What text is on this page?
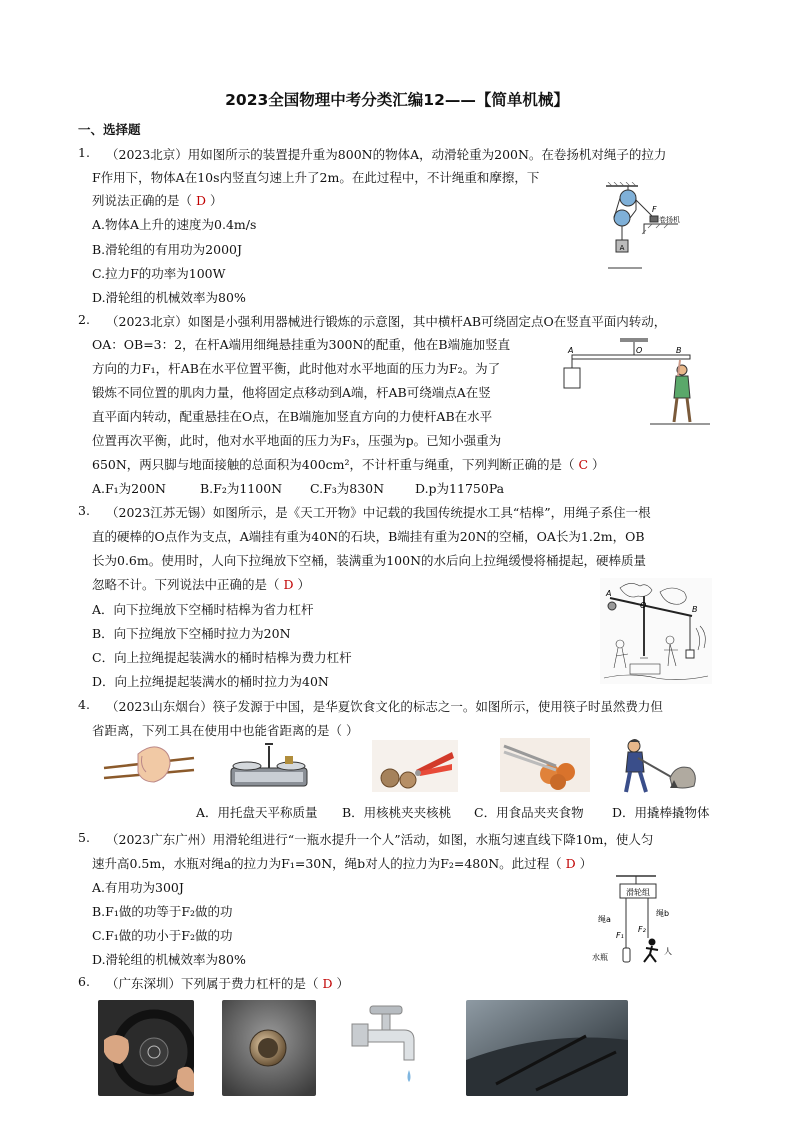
2023全国物理中考分类汇编12——【简单机械】
一、选择题
1. （2023北京）用如图所示的装置提升重为800N的物体A，动滑轮重为200N。在卷扬机对绳子的拉力
F作用下，物体A在10s内竖直匀速上升了2m。在此过程中，不计绳重和摩擦，下
列说法正确的是（ D ）
A.物体A上升的速度为0.4m/s
B.滑轮组的有用功为2000J
C.拉力F的功率为100W
D.滑轮组的机械效率为80%
A
F
卷扬机
2. （2023北京）如图是小强利用器械进行锻炼的示意图，其中横杆AB可绕固定点O在竖直平面内转动，
OA：OB=3：2，在杆A端用细绳悬挂重为300N的配重，他在B端施加竖直
方向的力F₁，杆AB在水平位置平衡，此时他对水平地面的压力为F₂。为了
锻炼不同位置的肌肉力量，他将固定点移动到A端，杆AB可绕端点A在竖
直平面内转动，配重悬挂在O点，在B端施加竖直方向的力使杆AB在水平
位置再次平衡，此时，他对水平地面的压力为F₃，压强为p。已知小强重为
650N，两只脚与地面接触的总面积为400cm²，不计杆重与绳重，下列判断正确的是（ C ）
A.F₁为200N	B.F₂为1100N C.F₃为830N D.p为11750Pa
A	O	B
3. （2023江苏无锡）如图所示，是《天工开物》中记载的我国传统提水工具“桔槔”，用绳子系住一根
直的硬棒的O点作为支点，A端挂有重为40N的石块，B端挂有重为20N的空桶，OA长为1.2m，OB
长为0.6m。使用时，人向下拉绳放下空桶，装满重为100N的水后向上拉绳缓慢将桶提起，硬棒质量
忽略不计。下列说法中正确的是（ D ）
A．向下拉绳放下空桶时桔槔为省力杠杆
B．向下拉绳放下空桶时拉力为20N
C．向上拉绳提起装满水的桶时桔槔为费力杠杆
D．向上拉绳提起装满水的桶时拉力为40N
A
O	B
4. （2023山东烟台）筷子发源于中国，是华夏饮食文化的标志之一。如图所示，使用筷子时虽然费力但
省距离，下列工具在使用中也能省距离的是（ ）
A．用托盘天平称质量 B．用核桃夹夹核桃 C．用食品夹夹食物 D．用撬棒撬物体
5. （2023广东广州）用滑轮组进行“一瓶水提升一个人”活动，如图，水瓶匀速直线下降10m，使人匀
速升高0.5m，水瓶对绳a的拉力为F₁=30N，绳b对人的拉力为F₂=480N。此过程（ D ）
A.有用功为300J
B.F₁做的功等于F₂做的功
C.F₁做的功小于F₂做的功
D.滑轮组的机械效率为80%
滑轮组
绳a
绳b
F₁
F₂
水瓶
人
6. （广东深圳）下列属于费力杠杆的是（ D ）
